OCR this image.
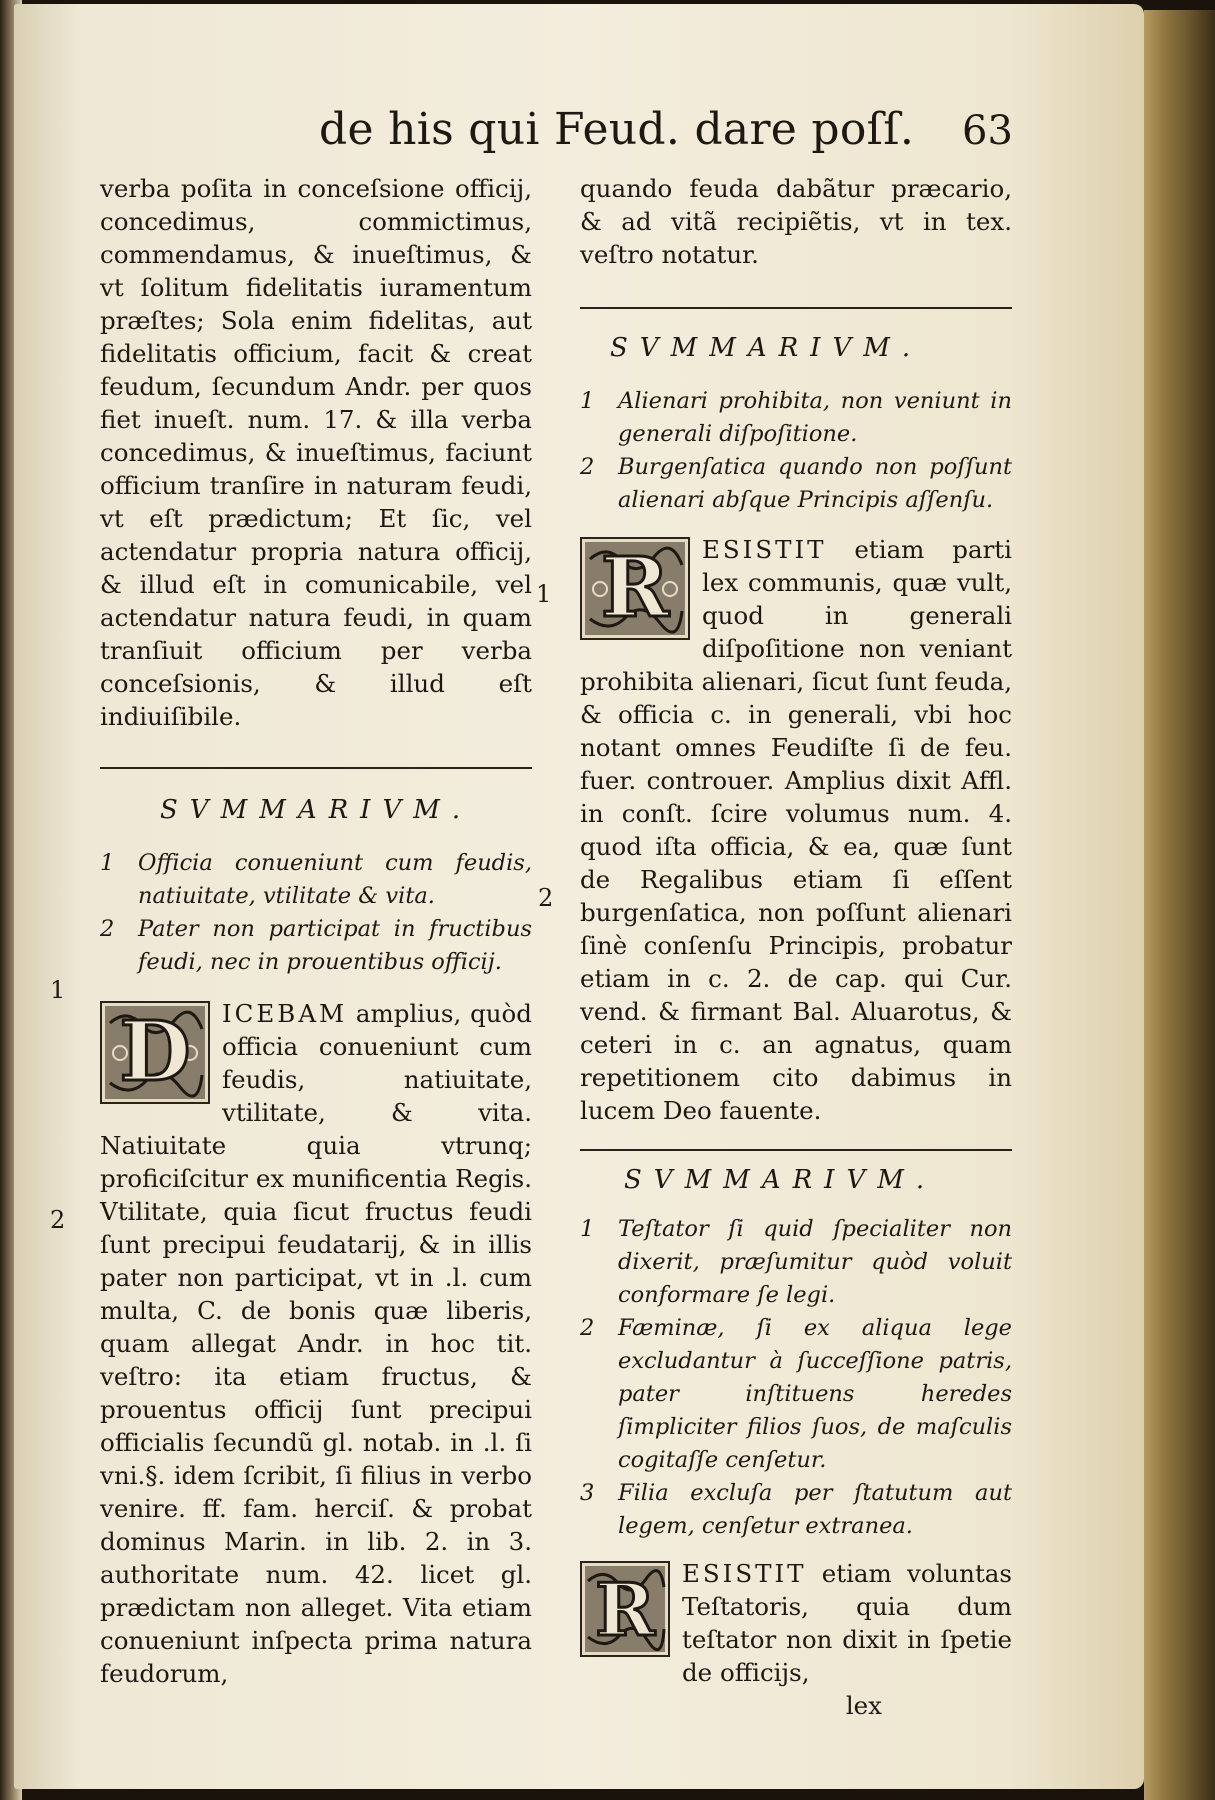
de his qui Feud. dare poſſ. 63

verba poſita in conceſsione officij, concedimus, commictimus, commendamus, & inueſtimus, & vt ſolitum fidelitatis iuramentum præſtes; Sola enim fidelitas, aut fidelitatis officium, facit & creat feudum, ſecundum Andr. per quos fiet inueſt. num. 17. & illa verba concedimus, & inueſtimus, faciunt officium tranſire in naturam feudi, vt eſt prædictum; Et ſic, vel actendatur propria natura officij, & illud eſt in comunicabile, vel actendatur natura feudi, in quam tranſiuit officium per verba conceſsionis, & illud eſt indiuiſibile.

SVMMARIVM.

1 Officia conueniunt cum feudis, natiuitate, vtilitate & vita.
2 Pater non participat in fructibus feudi, nec in prouentibus officij.

D	ICEBAM amplius, quòd officia conueniunt cum feudis, natiuitate, vtilitate, & vita. Natiuitate quia vtrunq; proficiſcitur ex munificentia Regis. Vtilitate, quia ſicut fructus feudi ſunt precipui feudatarij, & in illis pater non participat, vt in .l. cum multa, C. de bonis quæ liberis, quam allegat Andr. in hoc tit. veſtro: ita etiam fructus, & prouentus officij ſunt precipui officialis ſecundũ gl. notab. in .l. ſi vni.§. idem ſcribit, ſi filius in verbo venire. ff. fam. herciſ. & probat dominus Marin. in lib. 2. in 3. authoritate num. 42. licet gl. prædictam non alleget. Vita etiam conueniunt inſpecta prima natura feudorum,

quando feuda dabãtur præcario, & ad vitã recipiẽtis, vt in tex. veſtro notatur.

SVMMARIVM.

1 Alienari prohibita, non veniunt in generali diſpoſitione.
2 Burgenſatica quando non poſſunt alienari abſque Principis aſſenſu.

R	ESISTIT etiam parti lex communis, quæ vult, quod in generali diſpoſitione non veniant prohibita alienari, ſicut ſunt feuda, & officia c. in generali, vbi hoc notant omnes Feudiſte ſi de feu. fuer. controuer. Amplius dixit Affl. in conſt. ſcire volumus num. 4. quod iſta officia, & ea, quæ ſunt de Regalibus etiam ſi eſſent burgenſatica, non poſſunt alienari ſinè conſenſu Principis, probatur etiam in c. 2. de cap. qui Cur. vend. & firmant Bal. Aluarotus, & ceteri in c. an agnatus, quam repetitionem cito dabimus in lucem Deo fauente.

SVMMARIVM.

1 Teſtator ſi quid ſpecialiter non dixerit, præſumitur quòd voluit conformare ſe legi.
2 Fæminæ, ſi ex aliqua lege excludantur à ſucceſſione patris, pater inſtituens heredes ſimpliciter filios ſuos, de maſculis cogitaſſe cenſetur.
3 Filia excluſa per ſtatutum aut legem, cenſetur extranea.

R	ESISTIT etiam voluntas Teſtatoris, quia dum teſtator non dixit in ſpetie de officijs,

lex
1
2
1
2
